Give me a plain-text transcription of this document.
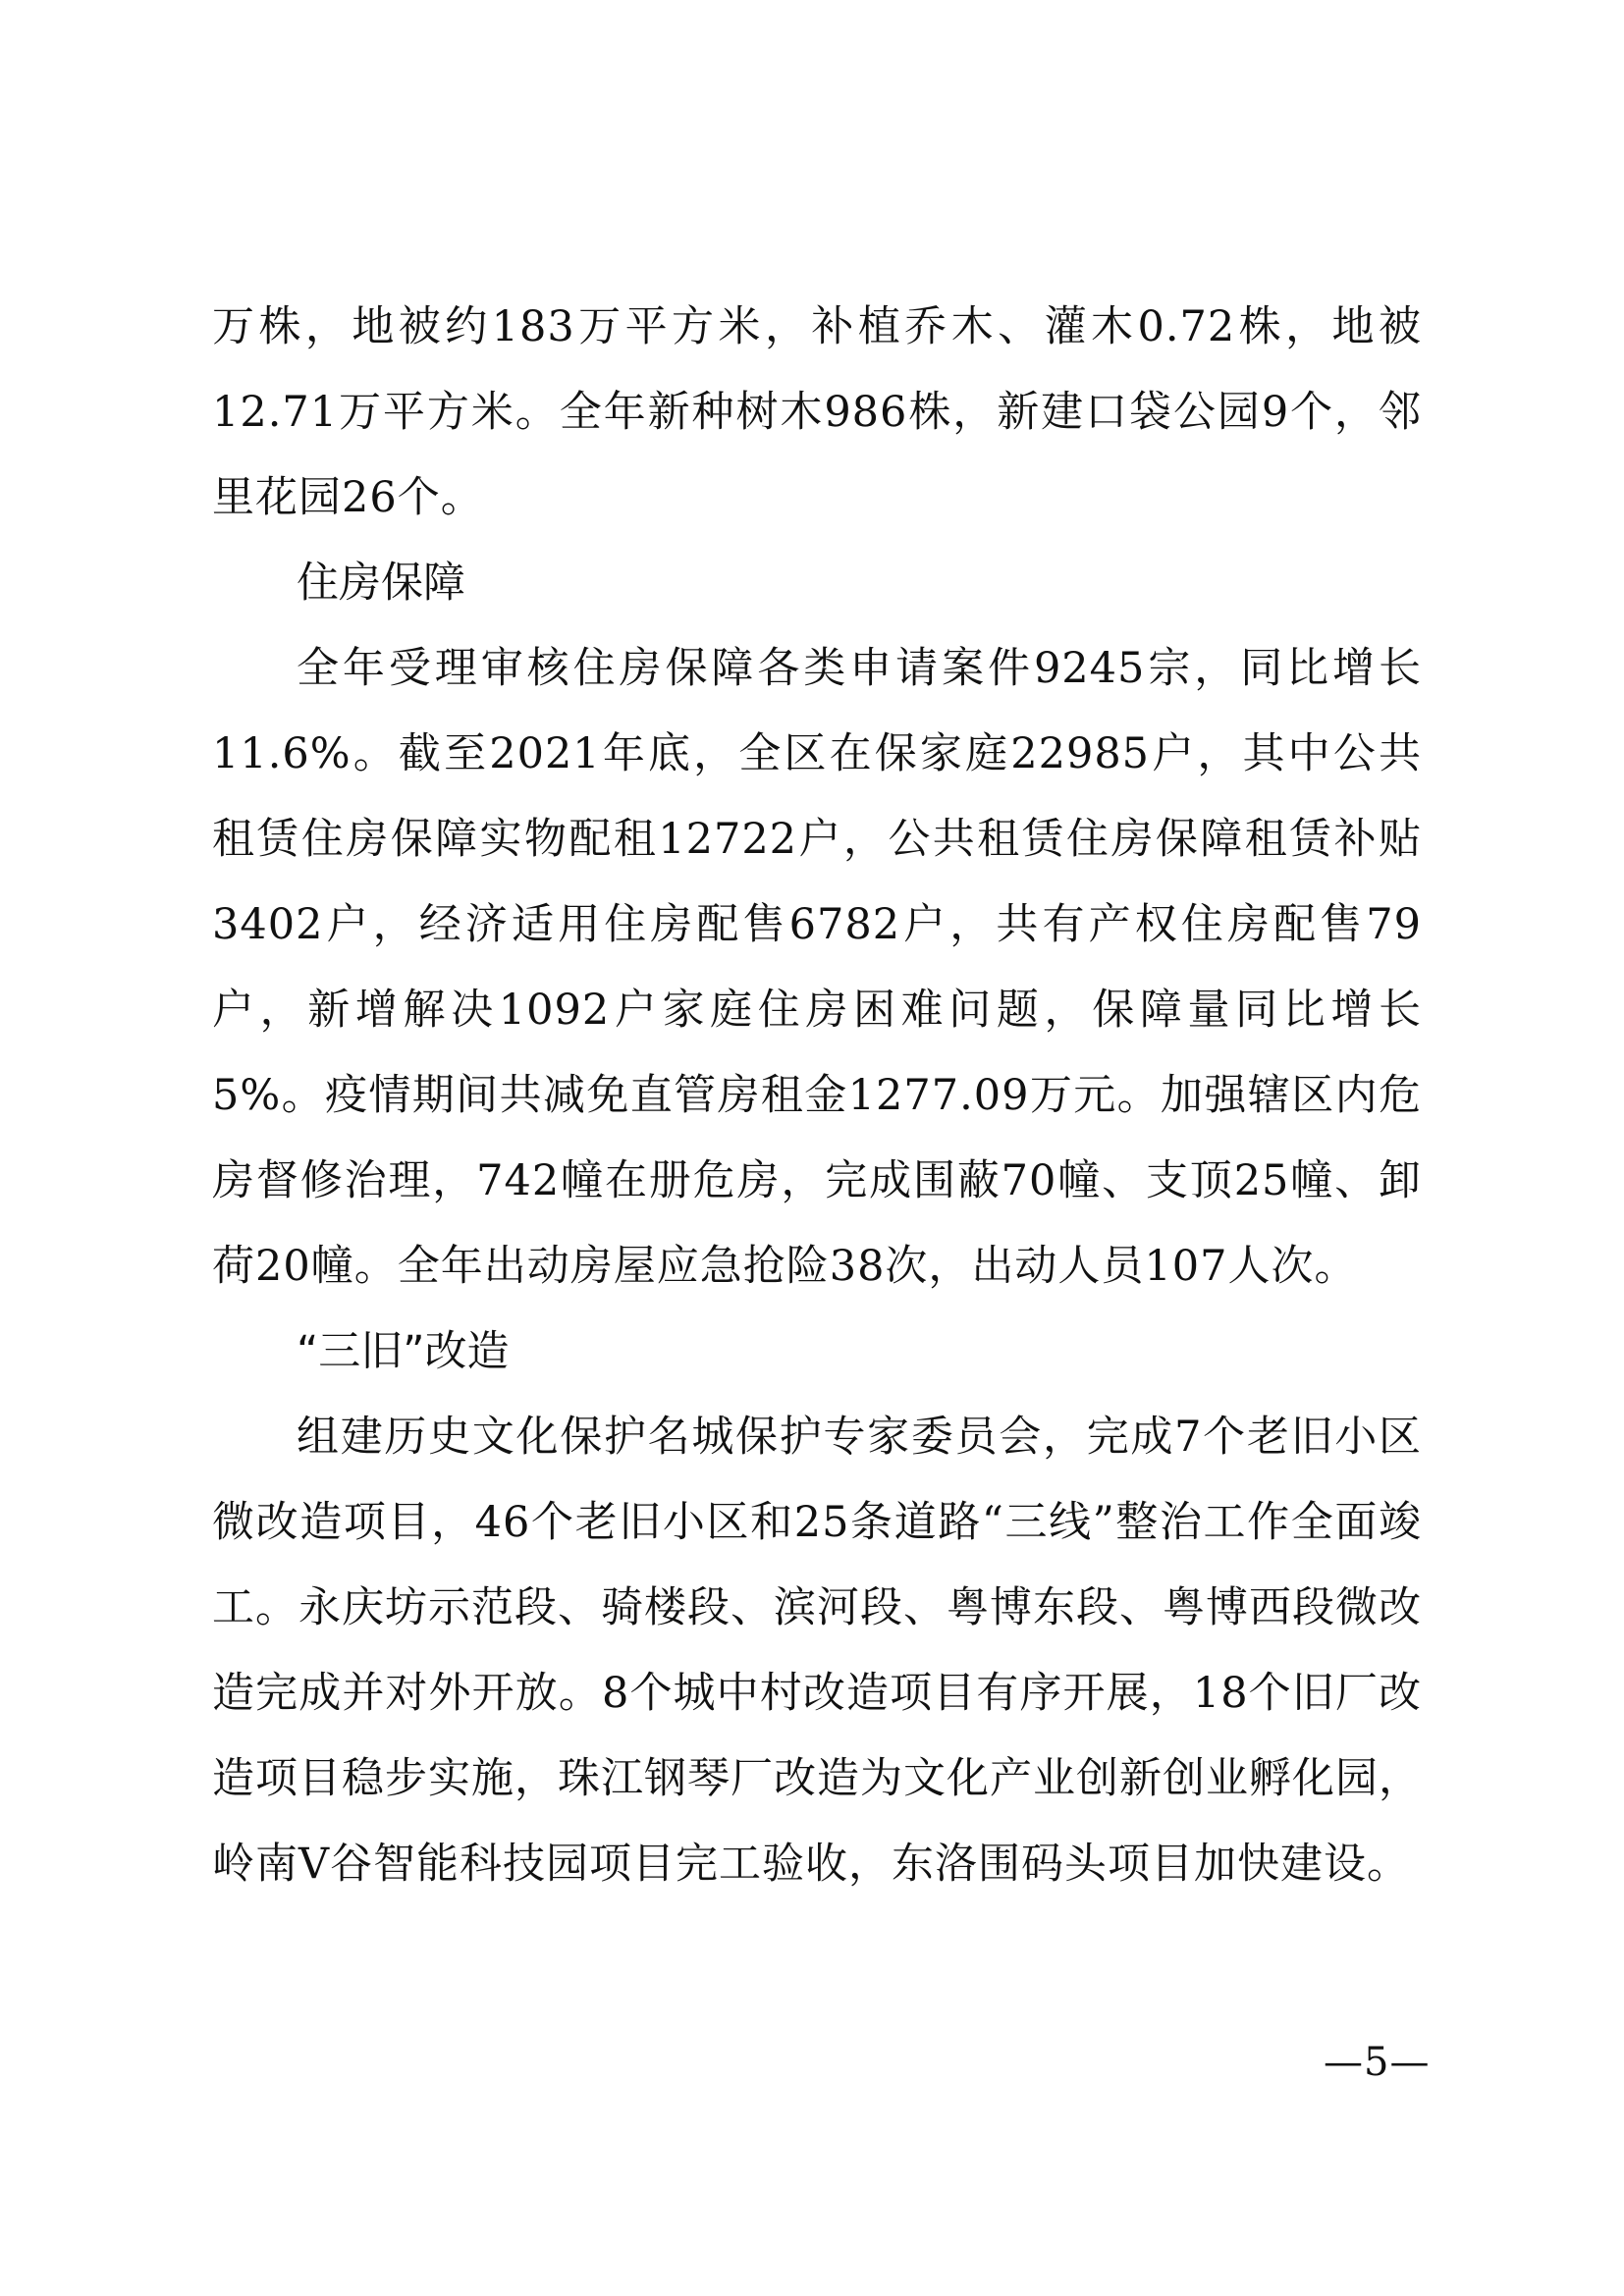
万株，地被约183万平方米，补植乔木、灌木0.72株，地被12.71万平方米。全年新种树木986株，新建口袋公园9个，邻里花园26个。

住房保障

全年受理审核住房保障各类申请案件9245宗，同比增长11.6%。截至2021年底，全区在保家庭22985户，其中公共租赁住房保障实物配租12722户，公共租赁住房保障租赁补贴3402户，经济适用住房配售6782户，共有产权住房配售79户，新增解决1092户家庭住房困难问题，保障量同比增长5%。疫情期间共减免直管房租金1277.09万元。加强辖区内危房督修治理，742幢在册危房，完成围蔽70幢、支顶25幢、卸荷20幢。全年出动房屋应急抢险38次，出动人员107人次。

“三旧”改造

组建历史文化保护名城保护专家委员会，完成7个老旧小区微改造项目，46个老旧小区和25条道路“三线”整治工作全面竣工。永庆坊示范段、骑楼段、滨河段、粤博东段、粤博西段微改造完成并对外开放。8个城中村改造项目有序开展，18个旧厂改造项目稳步实施，珠江钢琴厂改造为文化产业创新创业孵化园，岭南V谷智能科技园项目完工验收，东洛围码头项目加快建设。

—5—
